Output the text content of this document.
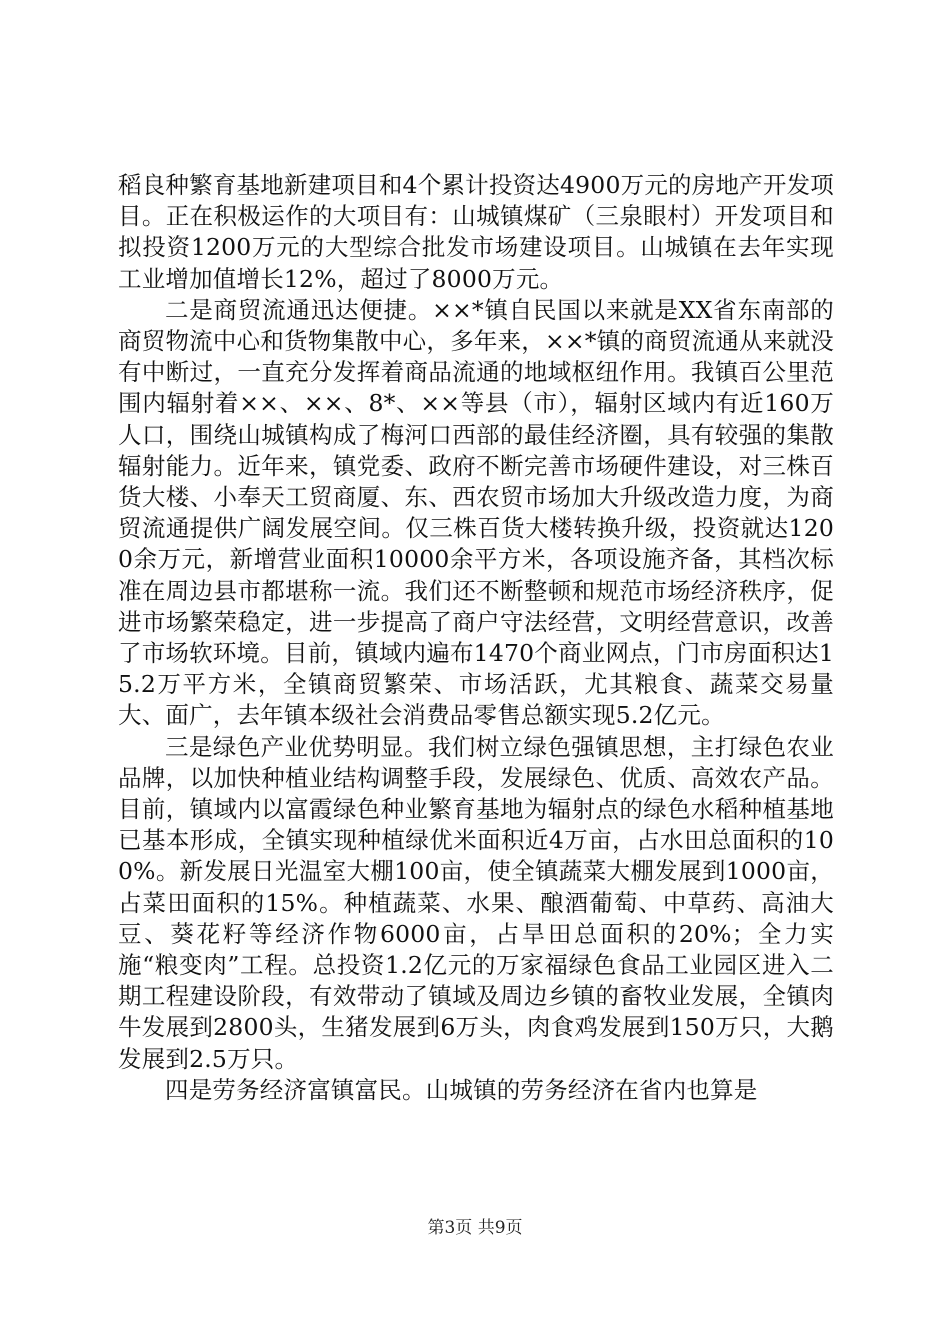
稻良种繁育基地新建项目和4个累计投资达4900万元的房地产开发项目。正在积极运作的大项目有：山城镇煤矿（三泉眼村）开发项目和拟投资1200万元的大型综合批发市场建设项目。山城镇在去年实现工业增加值增长12%，超过了8000万元。

二是商贸流通迅达便捷。××*镇自民国以来就是XX省东南部的商贸物流中心和货物集散中心，多年来，××*镇的商贸流通从来就没有中断过，一直充分发挥着商品流通的地域枢纽作用。我镇百公里范围内辐射着××、××、8*、××等县（市），辐射区域内有近160万人口，围绕山城镇构成了梅河口西部的最佳经济圈，具有较强的集散辐射能力。近年来，镇党委、政府不断完善市场硬件建设，对三株百货大楼、小奉天工贸商厦、东、西农贸市场加大升级改造力度，为商贸流通提供广阔发展空间。仅三株百货大楼转换升级，投资就达1200余万元，新增营业面积10000余平方米，各项设施齐备，其档次标准在周边县市都堪称一流。我们还不断整顿和规范市场经济秩序，促进市场繁荣稳定，进一步提高了商户守法经营，文明经营意识，改善了市场软环境。目前，镇域内遍布1470个商业网点，门市房面积达15.2万平方米，全镇商贸繁荣、市场活跃，尤其粮食、蔬菜交易量大、面广，去年镇本级社会消费品零售总额实现5.2亿元。

三是绿色产业优势明显。我们树立绿色强镇思想，主打绿色农业品牌，以加快种植业结构调整手段，发展绿色、优质、高效农产品。目前，镇域内以富霞绿色种业繁育基地为辐射点的绿色水稻种植基地已基本形成，全镇实现种植绿优米面积近4万亩，占水田总面积的100%。新发展日光温室大棚100亩，使全镇蔬菜大棚发展到1000亩，占菜田面积的15%。种植蔬菜、水果、酿酒葡萄、中草药、高油大豆、葵花籽等经济作物6000亩，占旱田总面积的20%；全力实施“粮变肉”工程。总投资1.2亿元的万家福绿色食品工业园区进入二期工程建设阶段，有效带动了镇域及周边乡镇的畜牧业发展，全镇肉牛发展到2800头，生猪发展到6万头，肉食鸡发展到150万只，大鹅发展到2.5万只。

四是劳务经济富镇富民。山城镇的劳务经济在省内也算是

第3页 共9页
